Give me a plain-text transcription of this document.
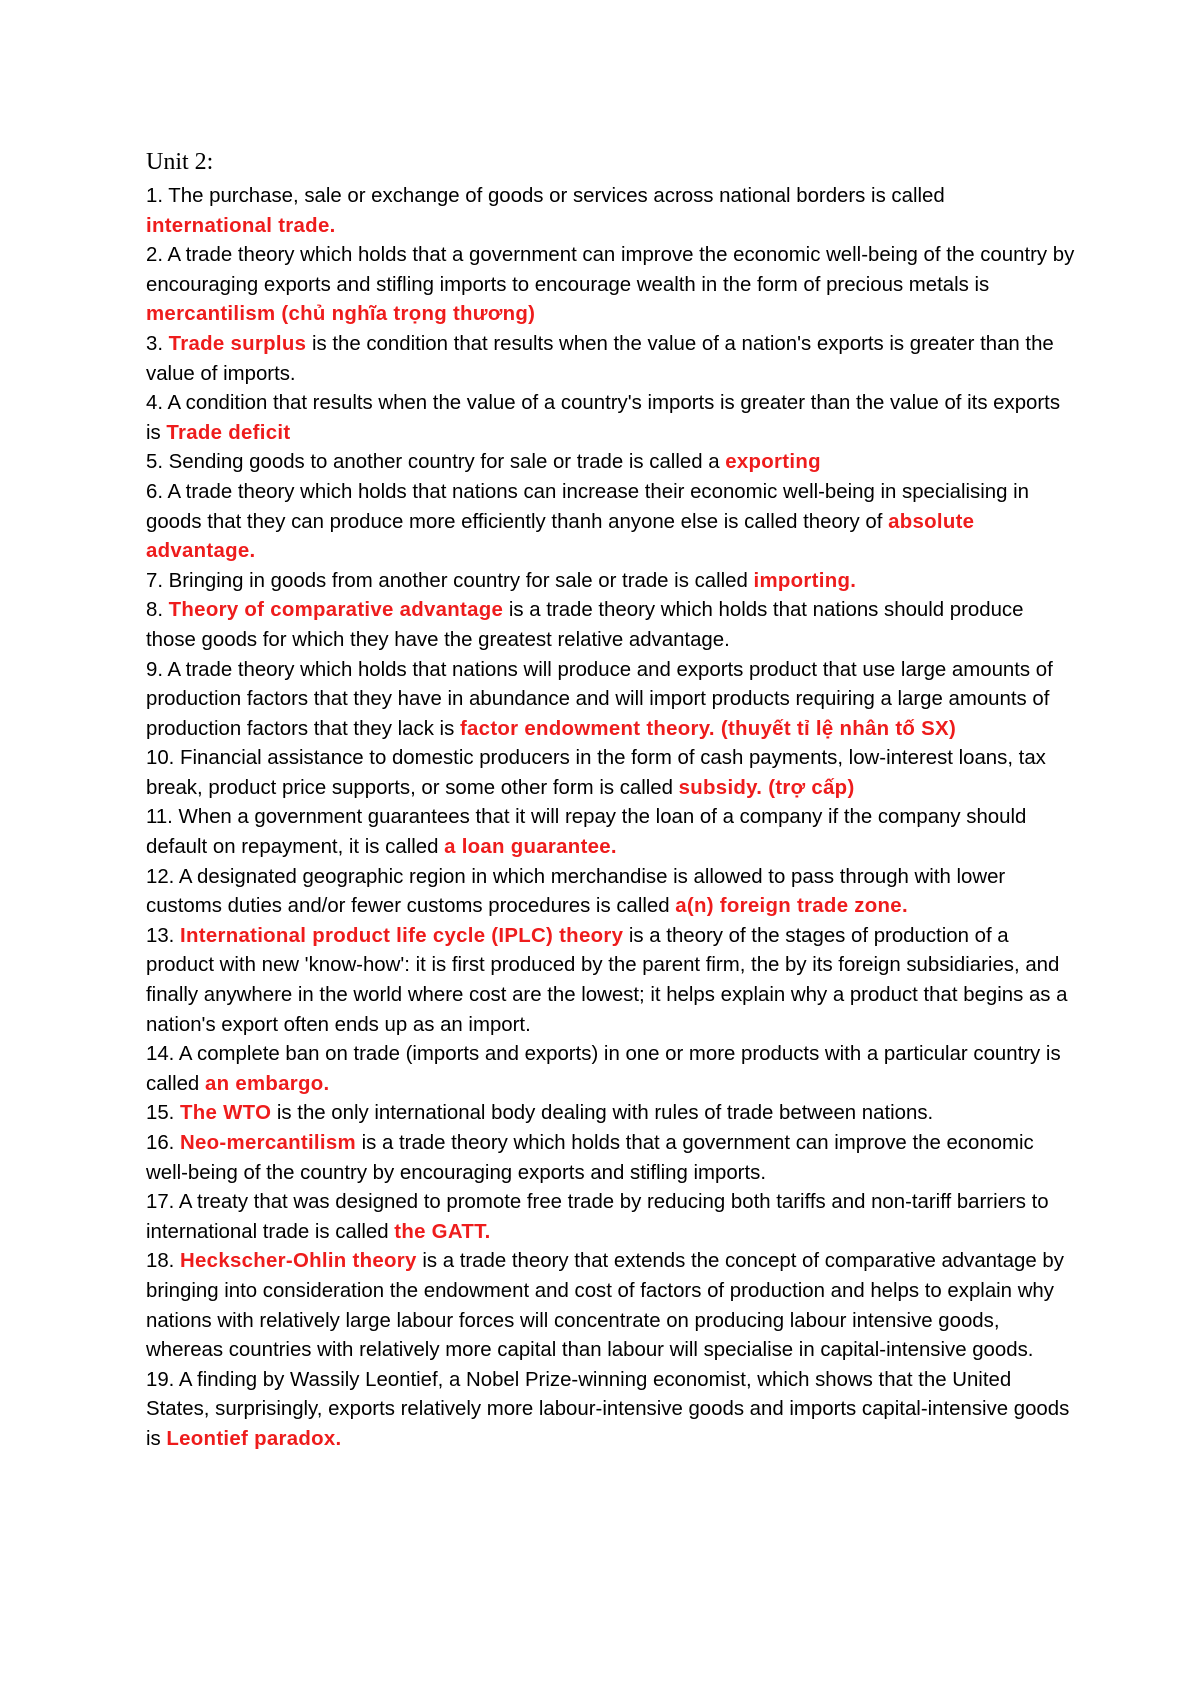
Unit 2:

1. The purchase, sale or exchange of goods or services across national borders is called international trade.

2. A trade theory which holds that a government can improve the economic well-being of the country by encouraging exports and stifling imports to encourage wealth in the form of precious metals is mercantilism (chủ nghĩa trọng thương)

3. Trade surplus is the condition that results when the value of a nation's exports is greater than the value of imports.

4. A condition that results when the value of a country's imports is greater than the value of its exports is Trade deficit

5. Sending goods to another country for sale or trade is called a exporting

6. A trade theory which holds that nations can increase their economic well-being in specialising in goods that they can produce more efficiently thanh anyone else is called theory of absolute advantage.

7. Bringing in goods from another country for sale or trade is called importing.

8. Theory of comparative advantage is a trade theory which holds that nations should produce those goods for which they have the greatest relative advantage.

9. A trade theory which holds that nations will produce and exports product that use large amounts of production factors that they have in abundance and will import products requiring a large amounts of production factors that they lack is factor endowment theory. (thuyết tỉ lệ nhân tố SX)

10. Financial assistance to domestic producers in the form of cash payments, low-interest loans, tax break, product price supports, or some other form is called subsidy. (trợ cấp)

11. When a government guarantees that it will repay the loan of a company if the company should default on repayment, it is called a loan guarantee.

12. A designated geographic region in which merchandise is allowed to pass through with lower customs duties and/or fewer customs procedures is called a(n) foreign trade zone.

13. International product life cycle (IPLC) theory is a theory of the stages of production of a product with new 'know-how': it is first produced by the parent firm, the by its foreign subsidiaries, and finally anywhere in the world where cost are the lowest; it helps explain why a product that begins as a nation's export often ends up as an import.

14. A complete ban on trade (imports and exports) in one or more products with a particular country is called an embargo.

15. The WTO is the only international body dealing with rules of trade between nations.

16. Neo-mercantilism is a trade theory which holds that a government can improve the economic well-being of the country by encouraging exports and stifling imports.

17. A treaty that was designed to promote free trade by reducing both tariffs and non-tariff barriers to international trade is called the GATT.

18. Heckscher-Ohlin theory is a trade theory that extends the concept of comparative advantage by bringing into consideration the endowment and cost of factors of production and helps to explain why nations with relatively large labour forces will concentrate on producing labour intensive goods, whereas countries with relatively more capital than labour will specialise in capital-intensive goods.

19. A finding by Wassily Leontief, a Nobel Prize-winning economist, which shows that the United States, surprisingly, exports relatively more labour-intensive goods and imports capital-intensive goods is Leontief paradox.
